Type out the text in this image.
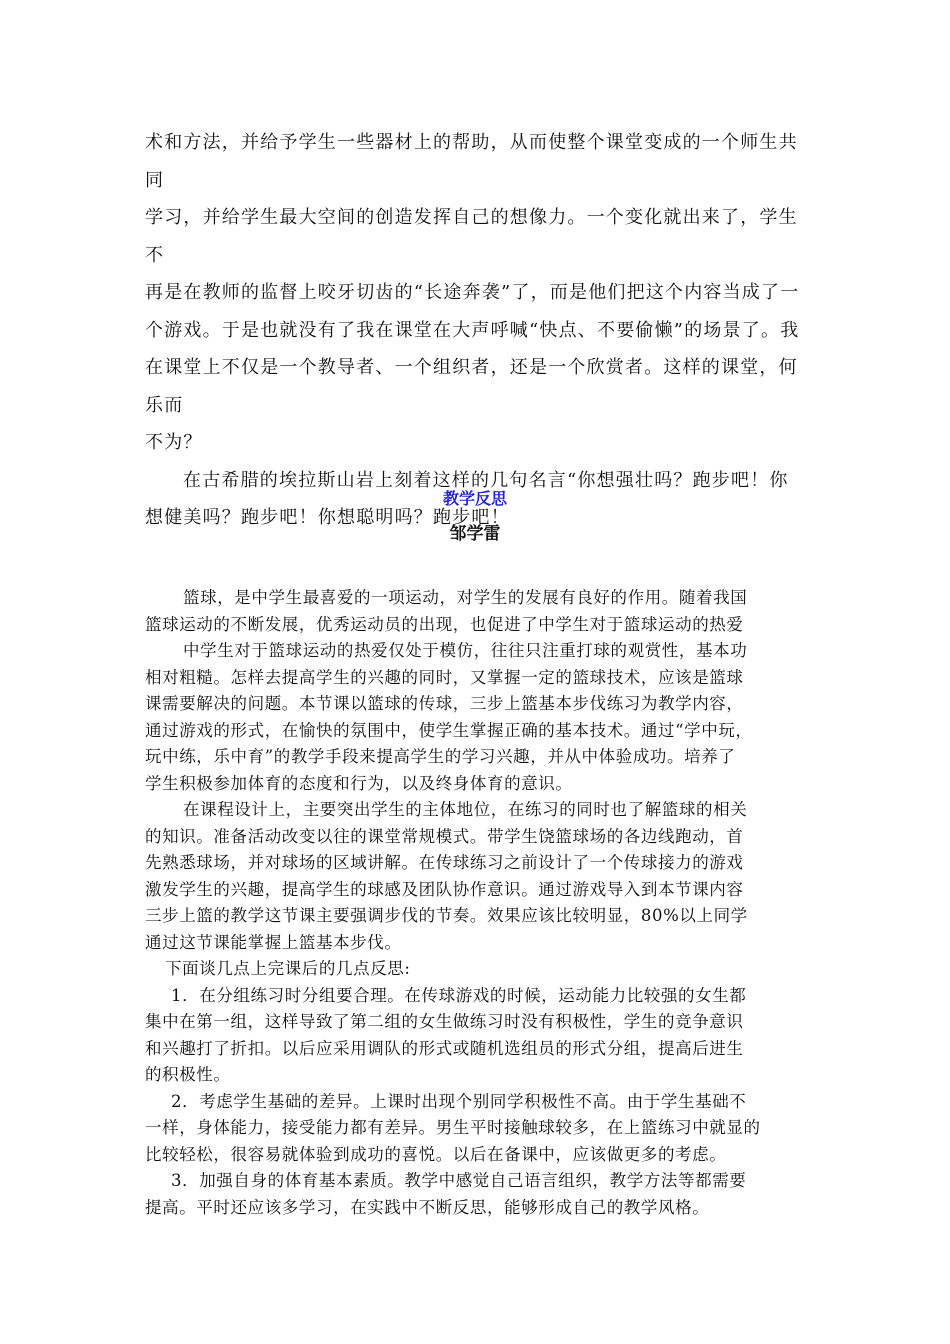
术和方法，并给予学生一些器材上的帮助，从而使整个课堂变成的一个师生共同

学习，并给学生最大空间的创造发挥自己的想像力。一个变化就出来了，学生不

再是在教师的监督上咬牙切齿的“长途奔袭”了，而是他们把这个内容当成了一

个游戏。于是也就没有了我在课堂在大声呼喊“快点、不要偷懒”的场景了。我

在课堂上不仅是一个教导者、一个组织者，还是一个欣赏者。这样的课堂，何乐而

不为？

在古希腊的埃拉斯山岩上刻着这样的几句名言“你想强壮吗？跑步吧！你

想健美吗？跑步吧！你想聪明吗？跑步吧！

教学反思
邹学雷

篮球，是中学生最喜爱的一项运动，对学生的发展有良好的作用。随着我国

篮球运动的不断发展，优秀运动员的出现，也促进了中学生对于篮球运动的热爱

中学生对于篮球运动的热爱仅处于模仿，往往只注重打球的观赏性，基本功

相对粗糙。怎样去提高学生的兴趣的同时，又掌握一定的篮球技术，应该是篮球

课需要解决的问题。本节课以篮球的传球，三步上篮基本步伐练习为教学内容，

通过游戏的形式，在愉快的氛围中，使学生掌握正确的基本技术。通过“学中玩，

玩中练，乐中育”的教学手段来提高学生的学习兴趣，并从中体验成功。培养了

学生积极参加体育的态度和行为，以及终身体育的意识。

在课程设计上，主要突出学生的主体地位，在练习的同时也了解篮球的相关

的知识。准备活动改变以往的课堂常规模式。带学生饶篮球场的各边线跑动，首

先熟悉球场，并对球场的区域讲解。在传球练习之前设计了一个传球接力的游戏

激发学生的兴趣，提高学生的球感及团队协作意识。通过游戏导入到本节课内容

三步上篮的教学这节课主要强调步伐的节奏。效果应该比较明显，80%以上同学

通过这节课能掌握上篮基本步伐。

下面谈几点上完课后的几点反思:

1．在分组练习时分组要合理。在传球游戏的时候，运动能力比较强的女生都

集中在第一组，这样导致了第二组的女生做练习时没有积极性，学生的竞争意识

和兴趣打了折扣。以后应采用调队的形式或随机选组员的形式分组，提高后进生

的积极性。

2．考虑学生基础的差异。上课时出现个别同学积极性不高。由于学生基础不

一样，身体能力，接受能力都有差异。男生平时接触球较多，在上篮练习中就显的

比较轻松，很容易就体验到成功的喜悦。以后在备课中，应该做更多的考虑。

3．加强自身的体育基本素质。教学中感觉自己语言组织，教学方法等都需要

提高。平时还应该多学习，在实践中不断反思，能够形成自己的教学风格。
